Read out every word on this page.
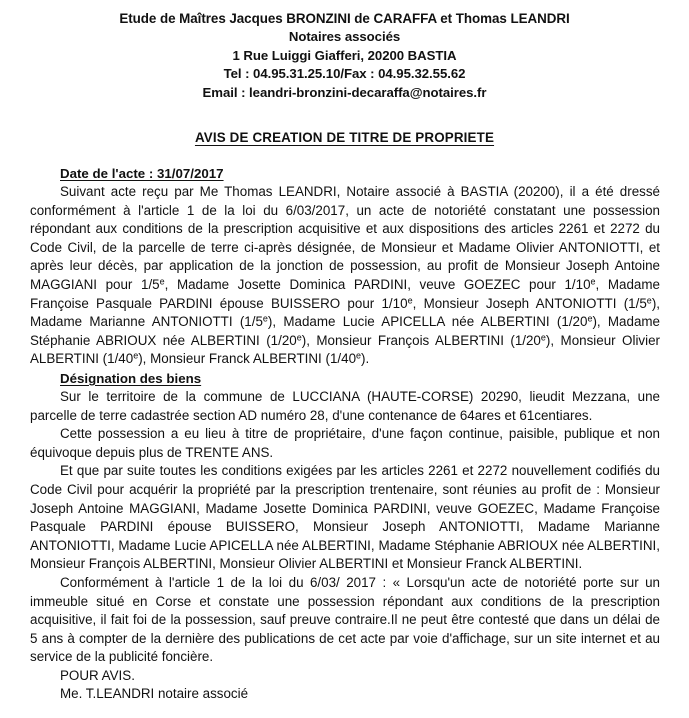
Etude de Maîtres Jacques BRONZINI de CARAFFA et Thomas LEANDRI
Notaires associés
1 Rue Luiggi Giafferi, 20200 BASTIA
Tel : 04.95.31.25.10/Fax : 04.95.32.55.62
Email : leandri-bronzini-decaraffa@notaires.fr
AVIS DE CREATION DE TITRE DE PROPRIETE
Date de l'acte : 31/07/2017

Suivant acte reçu par Me Thomas LEANDRI, Notaire associé à BASTIA (20200), il a été dressé conformément à l'article 1 de la loi du 6/03/2017, un acte de notoriété constatant une possession répondant aux conditions de la prescription acquisitive et aux dispositions des articles 2261 et 2272 du Code Civil, de la parcelle de terre ci-après désignée, de Monsieur et Madame Olivier ANTONIOTTI, et après leur décès, par application de la jonction de possession, au profit de Monsieur Joseph Antoine MAGGIANI pour 1/5e, Madame Josette Dominica PARDINI, veuve GOEZEC pour 1/10e, Madame Françoise Pasquale PARDINI épouse BUISSERO pour 1/10e, Monsieur Joseph ANTONIOTTI (1/5e), Madame Marianne ANTONIOTTI (1/5e), Madame Lucie APICELLA née ALBERTINI (1/20e), Madame Stéphanie ABRIOUX née ALBERTINI (1/20e), Monsieur François ALBERTINI (1/20e), Monsieur Olivier ALBERTINI (1/40e), Monsieur Franck ALBERTINI (1/40e).

Désignation des biens

Sur le territoire de la commune de LUCCIANA (HAUTE-CORSE) 20290, lieudit Mezzana, une parcelle de terre cadastrée section AD numéro 28, d'une contenance de 64ares et 61centiares.

Cette possession a eu lieu à titre de propriétaire, d'une façon continue, paisible, publique et non équivoque depuis plus de TRENTE ANS.

Et que par suite toutes les conditions exigées par les articles 2261 et 2272 nouvellement codifiés du Code Civil pour acquérir la propriété par la prescription trentenaire, sont réunies au profit de : Monsieur Joseph Antoine MAGGIANI, Madame Josette Dominica PARDINI, veuve GOEZEC, Madame Françoise Pasquale PARDINI épouse BUISSERO, Monsieur Joseph ANTONIOTTI, Madame Marianne ANTONIOTTI, Madame Lucie APICELLA née ALBERTINI, Madame Stéphanie ABRIOUX née ALBERTINI, Monsieur François ALBERTINI, Monsieur Olivier ALBERTINI et Monsieur Franck ALBERTINI.

Conformément à l'article 1 de la loi du 6/03/ 2017 : « Lorsqu'un acte de notoriété porte sur un immeuble situé en Corse et constate une possession répondant aux conditions de la prescription acquisitive, il fait foi de la possession, sauf preuve contraire.Il ne peut être contesté que dans un délai de 5 ans à compter de la dernière des publications de cet acte par voie d'affichage, sur un site internet et au service de la publicité foncière.

POUR AVIS.
Me. T.LEANDRI notaire associé
